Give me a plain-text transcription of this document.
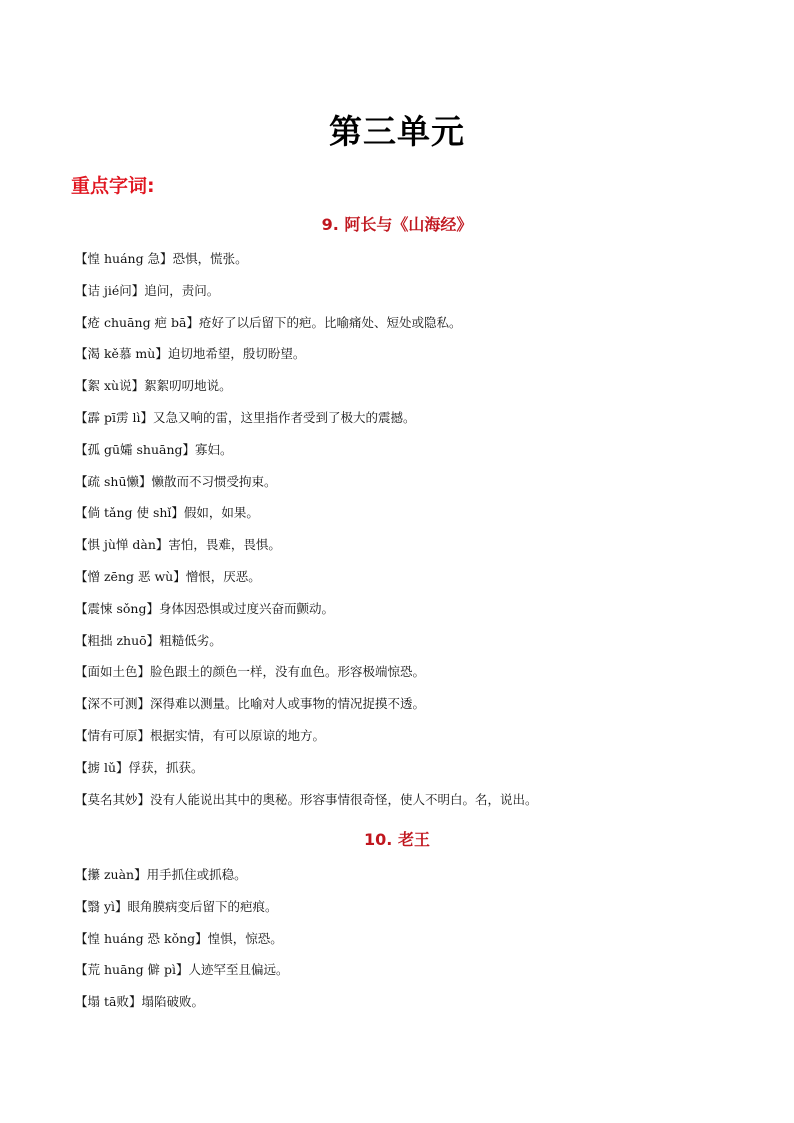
第三单元
重点字词:
9. 阿长与《山海经》
【惶 huáng 急】恐惧，慌张。
【诘 jié问】追问，责问。
【疮 chuāng 疤 bā】疮好了以后留下的疤。比喻痛处、短处或隐私。
【渴 kě慕 mù】迫切地希望，殷切盼望。
【絮 xù说】絮絮叨叨地说。
【霹 pī雳 lì】又急又响的雷，这里指作者受到了极大的震撼。
【孤 gū孀 shuāng】寡妇。
【疏 shū懒】懒散而不习惯受拘束。
【倘 tǎng 使 shǐ】假如，如果。
【惧 jù惮 dàn】害怕，畏难，畏惧。
【憎 zēng 恶 wù】憎恨，厌恶。
【震悚 sǒng】身体因恐惧或过度兴奋而颤动。
【粗拙 zhuō】粗糙低劣。
【面如土色】脸色跟土的颜色一样，没有血色。形容极端惊恐。
【深不可测】深得难以测量。比喻对人或事物的情况捉摸不透。
【情有可原】根据实情，有可以原谅的地方。
【掳 lǔ】俘获，抓获。
【莫名其妙】没有人能说出其中的奥秘。形容事情很奇怪，使人不明白。名，说出。
10. 老王
【攥 zuàn】用手抓住或抓稳。
【翳 yì】眼角膜病变后留下的疤痕。
【惶 huáng 恐 kǒng】惶惧，惊恐。
【荒 huāng 僻 pì】人迹罕至且偏远。
【塌 tā败】塌陷破败。
